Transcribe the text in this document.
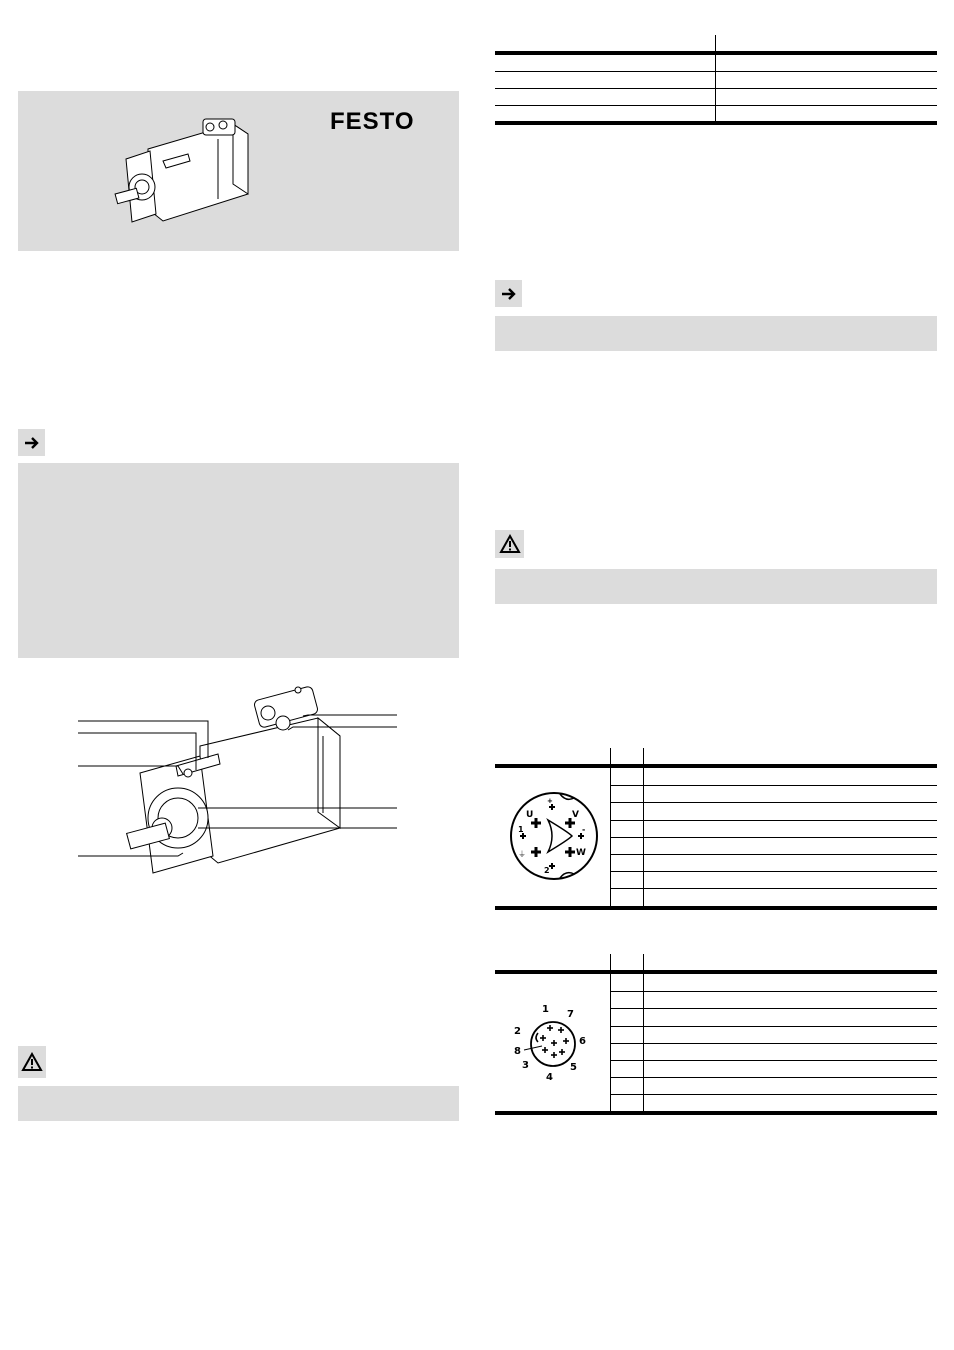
FESTO

U	V
W
+
1
2
-
⏚
1
2
3
4
5
6
7
8
